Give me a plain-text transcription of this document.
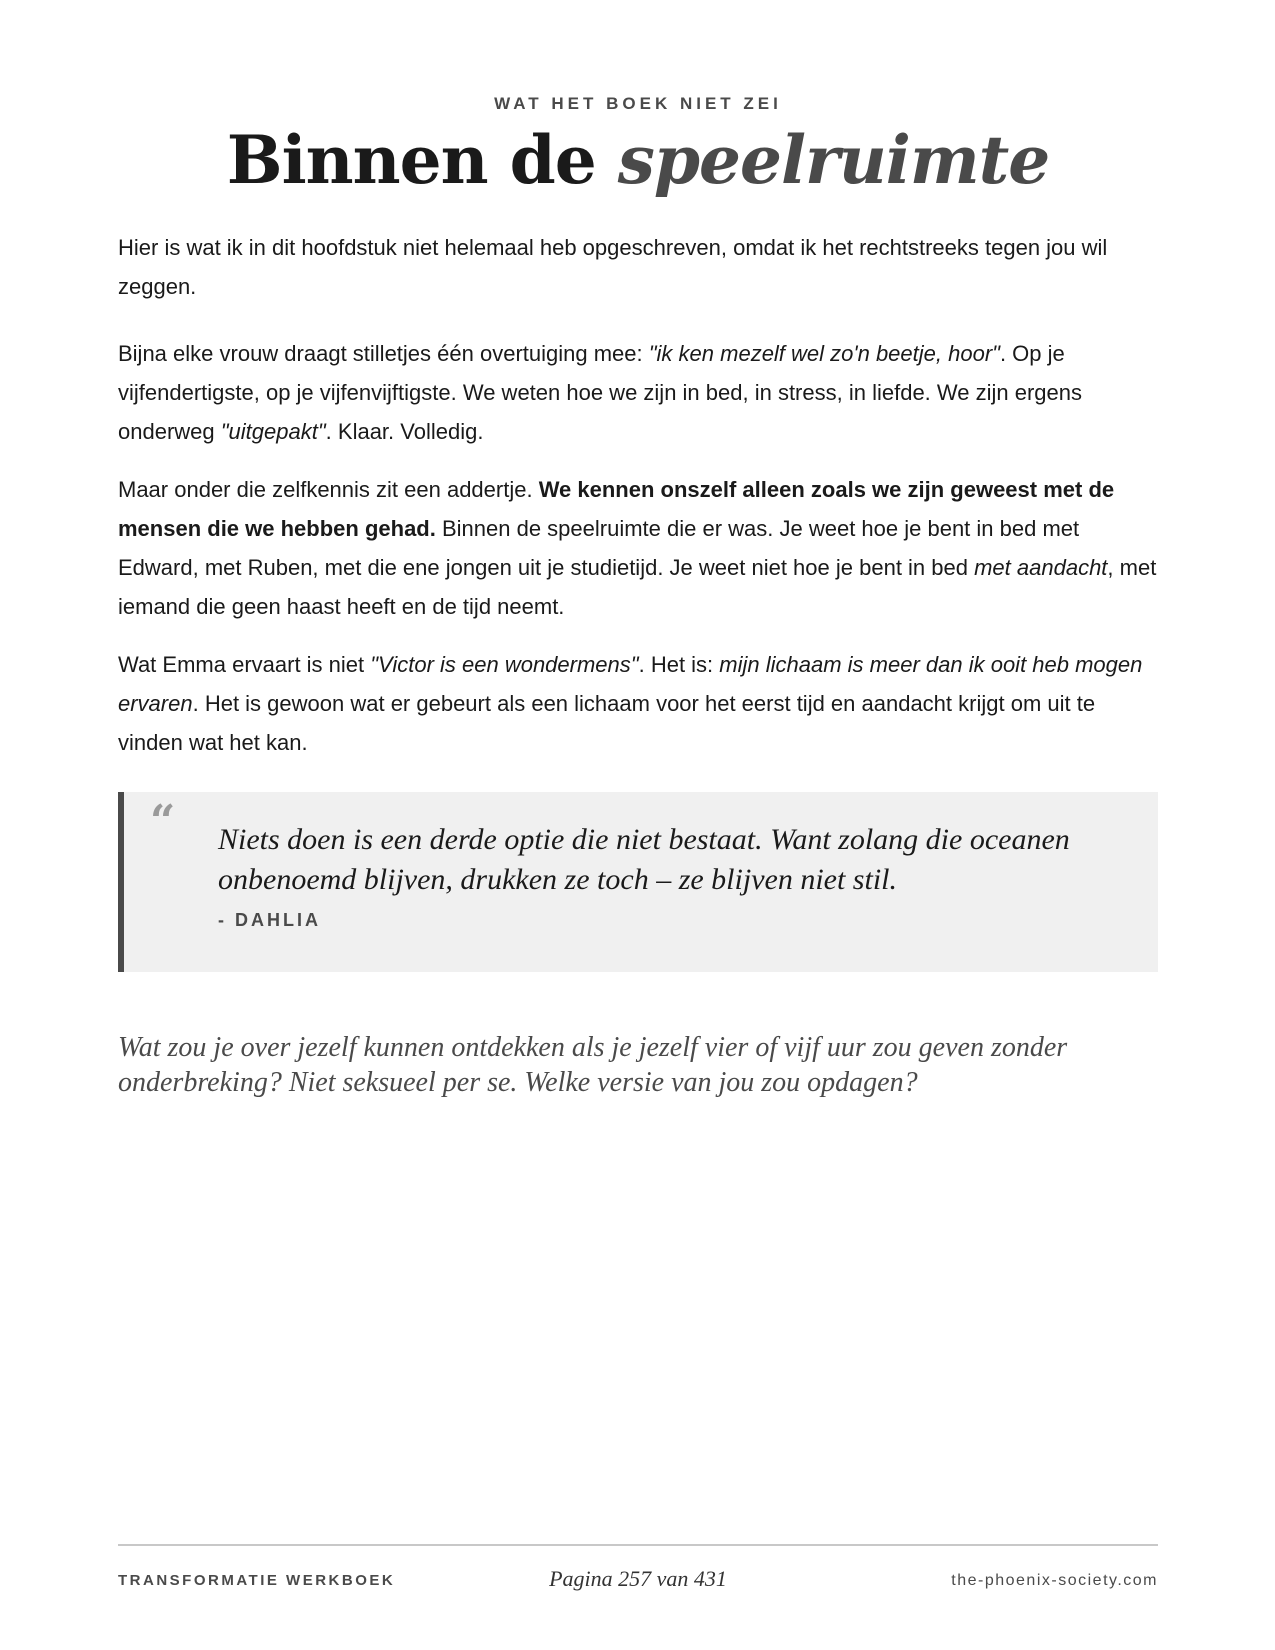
WAT HET BOEK NIET ZEI
Binnen de speelruimte

Hier is wat ik in dit hoofdstuk niet helemaal heb opgeschreven, omdat ik het rechtstreeks tegen jou wil zeggen.

Bijna elke vrouw draagt stilletjes één overtuiging mee: "ik ken mezelf wel zo'n beetje, hoor". Op je vijfendertigste, op je vijfenvijftigste. We weten hoe we zijn in bed, in stress, in liefde. We zijn ergens onderweg "uitgepakt". Klaar. Volledig.

Maar onder die zelfkennis zit een addertje. We kennen onszelf alleen zoals we zijn geweest met de mensen die we hebben gehad. Binnen de speelruimte die er was. Je weet hoe je bent in bed met Edward, met Ruben, met die ene jongen uit je studietijd. Je weet niet hoe je bent in bed met aandacht, met iemand die geen haast heeft en de tijd neemt.

Wat Emma ervaart is niet "Victor is een wondermens". Het is: mijn lichaam is meer dan ik ooit heb mogen ervaren. Het is gewoon wat er gebeurt als een lichaam voor het eerst tijd en aandacht krijgt om uit te vinden wat het kan.

“ Niets doen is een derde optie die niet bestaat. Want zolang die oceanen onbenoemd blijven, drukken ze toch – ze blijven niet stil.

- DAHLIA

Wat zou je over jezelf kunnen ontdekken als je jezelf vier of vijf uur zou geven zonder onderbreking? Niet seksueel per se. Welke versie van jou zou opdagen?

TRANSFORMATIE WERKBOEK	Pagina 257 van 431	the-phoenix-society.com
